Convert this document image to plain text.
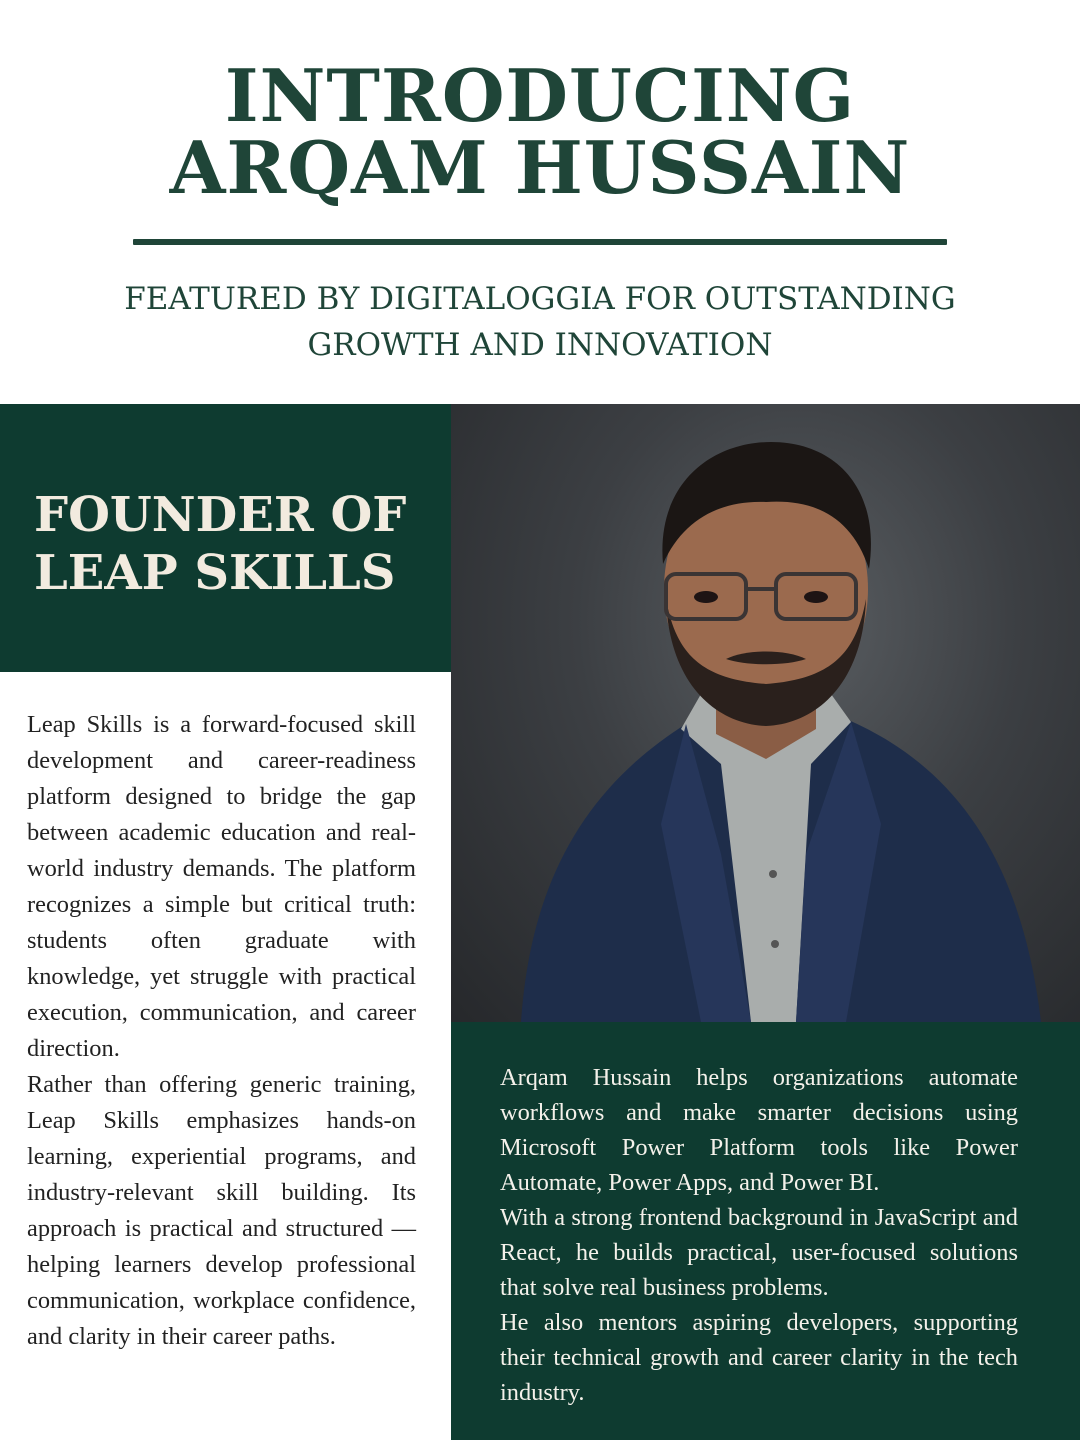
INTRODUCING
ARQAM HUSSAIN

FEATURED BY DIGITALOGGIA FOR OUTSTANDING
GROWTH AND INNOVATION

FOUNDER OF
LEAP SKILLS

Leap Skills is a forward-focused skill development and career-readiness platform designed to bridge the gap between academic education and real-world industry demands. The platform recognizes a simple but critical truth: students often graduate with knowledge, yet struggle with practical execution, communication, and career direction.

Rather than offering generic training, Leap Skills emphasizes hands-on learning, experiential programs, and industry-relevant skill building. Its approach is practical and structured —helping learners develop professional communication, workplace confidence, and clarity in their career paths.

Arqam Hussain helps organizations automate workflows and make smarter decisions using Microsoft Power Platform tools like Power Automate, Power Apps, and Power BI.

With a strong frontend background in JavaScript and React, he builds practical, user-focused solutions that solve real business problems.

He also mentors aspiring developers, supporting their technical growth and career clarity in the tech industry.
